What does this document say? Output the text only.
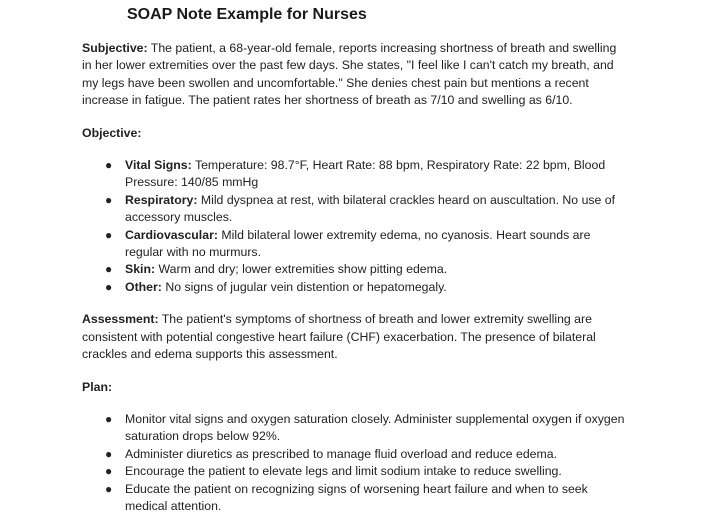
SOAP Note Example for Nurses

Subjective: The patient, a 68-year-old female, reports increasing shortness of breath and swelling in her lower extremities over the past few days. She states, "I feel like I can't catch my breath, and my legs have been swollen and uncomfortable." She denies chest pain but mentions a recent increase in fatigue. The patient rates her shortness of breath as 7/10 and swelling as 6/10.

Objective:

● Vital Signs: Temperature: 98.7°F, Heart Rate: 88 bpm, Respiratory Rate: 22 bpm, Blood Pressure: 140/85 mmHg
● Respiratory: Mild dyspnea at rest, with bilateral crackles heard on auscultation. No use of accessory muscles.
● Cardiovascular: Mild bilateral lower extremity edema, no cyanosis. Heart sounds are regular with no murmurs.
● Skin: Warm and dry; lower extremities show pitting edema.
● Other: No signs of jugular vein distention or hepatomegaly.

Assessment: The patient's symptoms of shortness of breath and lower extremity swelling are consistent with potential congestive heart failure (CHF) exacerbation. The presence of bilateral crackles and edema supports this assessment.

Plan:

● Monitor vital signs and oxygen saturation closely. Administer supplemental oxygen if oxygen saturation drops below 92%.
● Administer diuretics as prescribed to manage fluid overload and reduce edema.
● Encourage the patient to elevate legs and limit sodium intake to reduce swelling.
● Educate the patient on recognizing signs of worsening heart failure and when to seek medical attention.
